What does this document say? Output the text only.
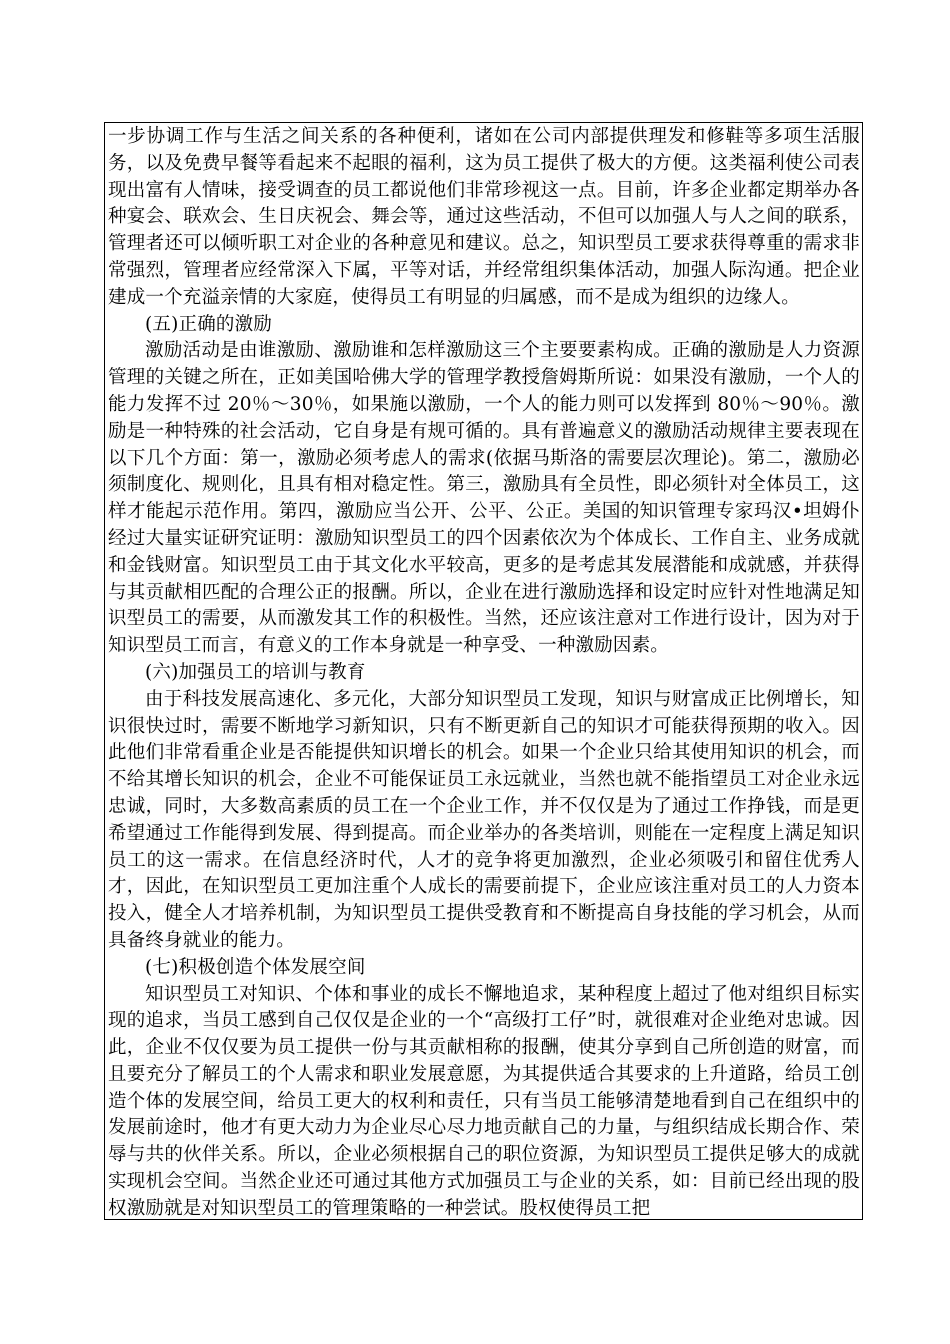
一步协调工作与生活之间关系的各种便利，诸如在公司内部提供理发和修鞋等多项生活服务，以及免费早餐等看起来不起眼的福利，这为员工提供了极大的方便。这类福利使公司表现出富有人情味，接受调查的员工都说他们非常珍视这一点。目前，许多企业都定期举办各种宴会、联欢会、生日庆祝会、舞会等，通过这些活动，不但可以加强人与人之间的联系，管理者还可以倾听职工对企业的各种意见和建议。总之，知识型员工要求获得尊重的需求非常强烈，管理者应经常深入下属，平等对话，并经常组织集体活动，加强人际沟通。把企业建成一个充溢亲情的大家庭，使得员工有明显的归属感，而不是成为组织的边缘人。

(五)正确的激励

激励活动是由谁激励、激励谁和怎样激励这三个主要要素构成。正确的激励是人力资源管理的关键之所在，正如美国哈佛大学的管理学教授詹姆斯所说：如果没有激励，一个人的能力发挥不过 20％～30％，如果施以激励，一个人的能力则可以发挥到 80％～90％。激励是一种特殊的社会活动，它自身是有规可循的。具有普遍意义的激励活动规律主要表现在以下几个方面：第一，激励必须考虑人的需求(依据马斯洛的需要层次理论)。第二，激励必须制度化、规则化，且具有相对稳定性。第三，激励具有全员性，即必须针对全体员工，这样才能起示范作用。第四，激励应当公开、公平、公正。美国的知识管理专家玛汉•坦姆仆经过大量实证研究证明：激励知识型员工的四个因素依次为个体成长、工作自主、业务成就和金钱财富。知识型员工由于其文化水平较高，更多的是考虑其发展潜能和成就感，并获得与其贡献相匹配的合理公正的报酬。所以，企业在进行激励选择和设定时应针对性地满足知识型员工的需要，从而激发其工作的积极性。当然，还应该注意对工作进行设计，因为对于知识型员工而言，有意义的工作本身就是一种享受、一种激励因素。

(六)加强员工的培训与教育

由于科技发展高速化、多元化，大部分知识型员工发现，知识与财富成正比例增长，知识很快过时，需要不断地学习新知识，只有不断更新自己的知识才可能获得预期的收入。因此他们非常看重企业是否能提供知识增长的机会。如果一个企业只给其使用知识的机会，而不给其增长知识的机会，企业不可能保证员工永远就业，当然也就不能指望员工对企业永远忠诚，同时，大多数高素质的员工在一个企业工作，并不仅仅是为了通过工作挣钱，而是更希望通过工作能得到发展、得到提高。而企业举办的各类培训，则能在一定程度上满足知识员工的这一需求。在信息经济时代，人才的竞争将更加激烈，企业必须吸引和留住优秀人才，因此，在知识型员工更加注重个人成长的需要前提下，企业应该注重对员工的人力资本投入，健全人才培养机制，为知识型员工提供受教育和不断提高自身技能的学习机会，从而具备终身就业的能力。

(七)积极创造个体发展空间

知识型员工对知识、个体和事业的成长不懈地追求，某种程度上超过了他对组织目标实现的追求，当员工感到自己仅仅是企业的一个“高级打工仔”时，就很难对企业绝对忠诚。因此，企业不仅仅要为员工提供一份与其贡献相称的报酬，使其分享到自己所创造的财富，而且要充分了解员工的个人需求和职业发展意愿，为其提供适合其要求的上升道路，给员工创造个体的发展空间，给员工更大的权利和责任，只有当员工能够清楚地看到自己在组织中的发展前途时，他才有更大动力为企业尽心尽力地贡献自己的力量，与组织结成长期合作、荣辱与共的伙伴关系。所以，企业必须根据自己的职位资源，为知识型员工提供足够大的成就实现机会空间。当然企业还可通过其他方式加强员工与企业的关系，如：目前已经出现的股权激励就是对知识型员工的管理策略的一种尝试。股权使得员工把
